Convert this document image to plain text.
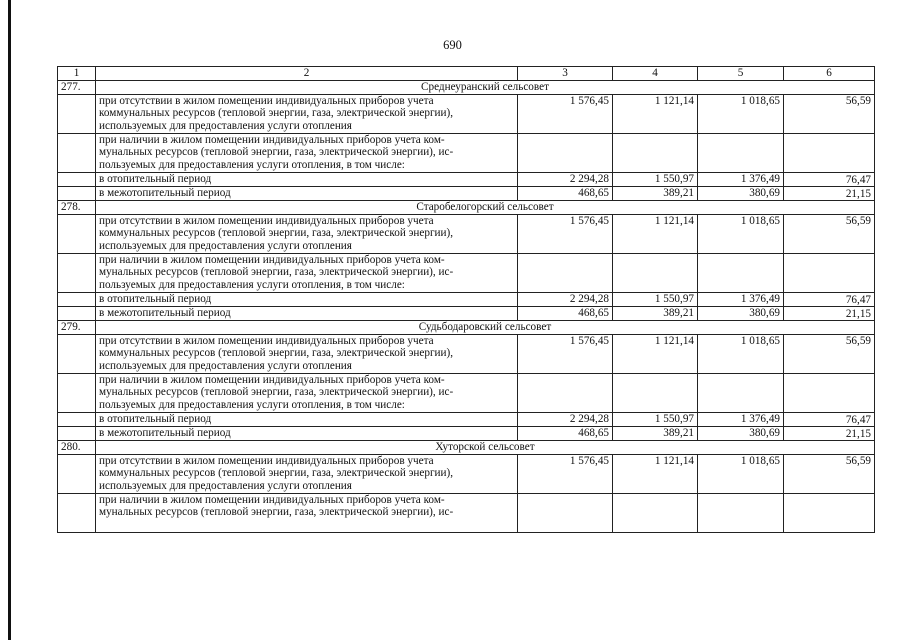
690
1	2	3	4	5	6
277.	Среднеуранский сельсовет				

	при отсутствии в жилом помещении индивидуальных приборов учета
коммунальных ресурсов (тепловой энергии, газа, электрической энергии),
используемых для предоставления услуги отопления	1 576,45	1 121,14	1 018,65	56,59

	при наличии в жилом помещении индивидуальных приборов учета ком-
мунальных ресурсов (тепловой энергии, газа, электрической энергии), ис-
пользуемых для предоставления услуги отопления, в том числе:				

	в отопительный период	2 294,28	1 550,97	1 376,49	76,47

	в межотопительный период	468,65	389,21	380,69	21,15
278.	Старобелогорский сельсовет				

	при отсутствии в жилом помещении индивидуальных приборов учета
коммунальных ресурсов (тепловой энергии, газа, электрической энергии),
используемых для предоставления услуги отопления	1 576,45	1 121,14	1 018,65	56,59

	при наличии в жилом помещении индивидуальных приборов учета ком-
мунальных ресурсов (тепловой энергии, газа, электрической энергии), ис-
пользуемых для предоставления услуги отопления, в том числе:				

	в отопительный период	2 294,28	1 550,97	1 376,49	76,47

	в межотопительный период	468,65	389,21	380,69	21,15
279.	Судьбодаровский сельсовет				

	при отсутствии в жилом помещении индивидуальных приборов учета
коммунальных ресурсов (тепловой энергии, газа, электрической энергии),
используемых для предоставления услуги отопления	1 576,45	1 121,14	1 018,65	56,59

	при наличии в жилом помещении индивидуальных приборов учета ком-
мунальных ресурсов (тепловой энергии, газа, электрической энергии), ис-
пользуемых для предоставления услуги отопления, в том числе:				

	в отопительный период	2 294,28	1 550,97	1 376,49	76,47

	в межотопительный период	468,65	389,21	380,69	21,15
280.	Хуторской сельсовет				

	при отсутствии в жилом помещении индивидуальных приборов учета
коммунальных ресурсов (тепловой энергии, газа, электрической энергии),
используемых для предоставления услуги отопления	1 576,45	1 121,14	1 018,65	56,59

	при наличии в жилом помещении индивидуальных приборов учета ком-
мунальных ресурсов (тепловой энергии, газа, электрической энергии), ис-				
